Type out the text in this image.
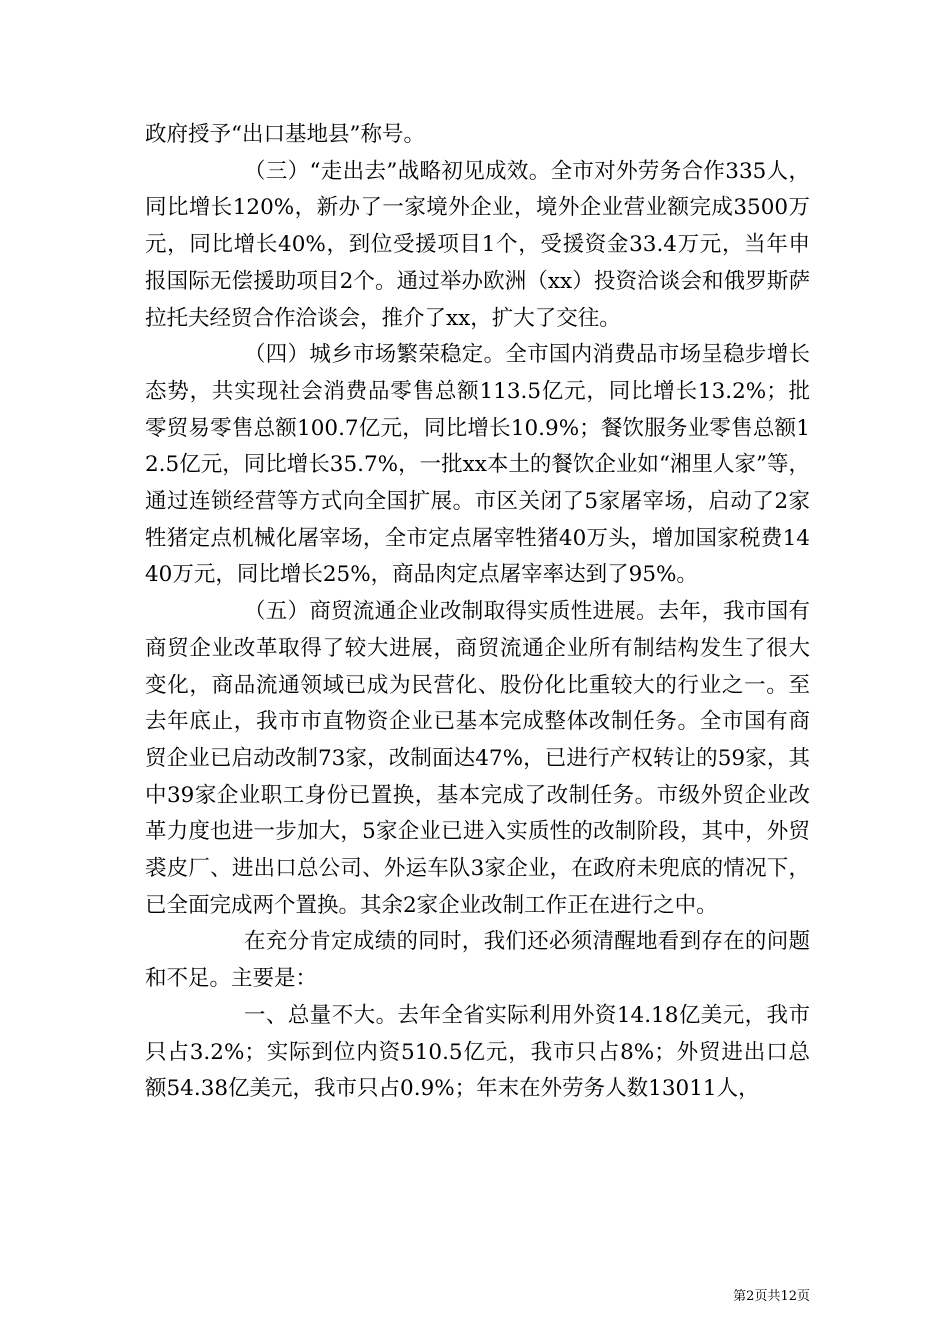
政府授予“出口基地县”称号。

（三）“走出去”战略初见成效。全市对外劳务合作335人，同比增长120%，新办了一家境外企业，境外企业营业额完成3500万元，同比增长40%，到位受援项目1个，受援资金33.4万元，当年申报国际无偿援助项目2个。通过举办欧洲（xx）投资洽谈会和俄罗斯萨拉托夫经贸合作洽谈会，推介了xx，扩大了交往。

（四）城乡市场繁荣稳定。全市国内消费品市场呈稳步增长态势，共实现社会消费品零售总额113.5亿元，同比增长13.2%；批零贸易零售总额100.7亿元，同比增长10.9%；餐饮服务业零售总额12.5亿元，同比增长35.7%，一批xx本土的餐饮企业如“湘里人家”等，通过连锁经营等方式向全国扩展。市区关闭了5家屠宰场，启动了2家牲猪定点机械化屠宰场，全市定点屠宰牲猪40万头，增加国家税费1440万元，同比增长25%，商品肉定点屠宰率达到了95%。

（五）商贸流通企业改制取得实质性进展。去年，我市国有商贸企业改革取得了较大进展，商贸流通企业所有制结构发生了很大变化，商品流通领域已成为民营化、股份化比重较大的行业之一。至去年底止，我市市直物资企业已基本完成整体改制任务。全市国有商贸企业已启动改制73家，改制面达47%，已进行产权转让的59家，其中39家企业职工身份已置换，基本完成了改制任务。市级外贸企业改革力度也进一步加大，5家企业已进入实质性的改制阶段，其中，外贸裘皮厂、进出口总公司、外运车队3家企业，在政府未兜底的情况下，已全面完成两个置换。其余2家企业改制工作正在进行之中。

在充分肯定成绩的同时，我们还必须清醒地看到存在的问题和不足。主要是：

一、总量不大。去年全省实际利用外资14.18亿美元，我市只占3.2%；实际到位内资510.5亿元，我市只占8%；外贸进出口总额54.38亿美元，我市只占0.9%；年末在外劳务人数13011人，

第2页共12页
